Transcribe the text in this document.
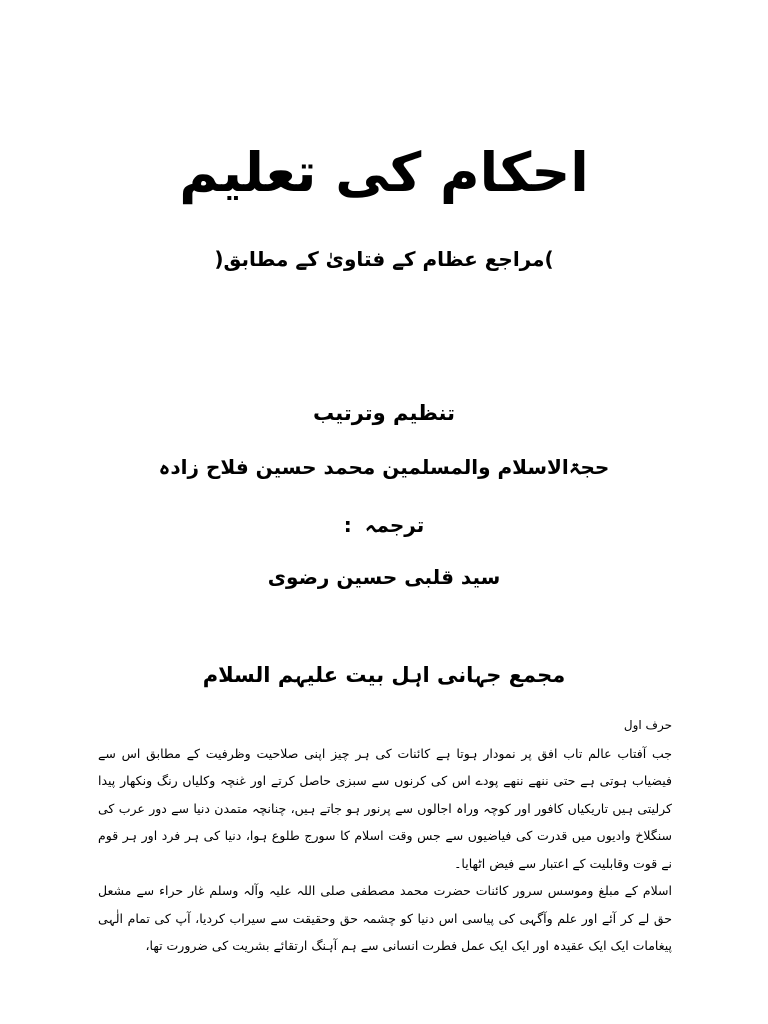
احکام کی تعلیم
)مراجع عظام کے فتاویٰ کے مطابق(
تنظیم وترتیب
حجۃالاسلام والمسلمین محمد حسین فلاح زادہ
ترجمہ :
سید قلبی حسین رضوی
مجمع جہانی اہل بیت علیہم السلام

حرف اول

جب آفتاب عالم تاب افق پر نمودار ہوتا ہے کائنات کی ہر چیز اپنی صلاحیت وظرفیت کے مطابق اس سے فیضیاب ہوتی ہے حتی ننھے ننھے پودے اس کی کرنوں سے سبزی حاصل کرتے اور غنچہ وکلیاں رنگ ونکھار پیدا کرلیتی ہیں تاریکیاں کافور اور کوچہ وراہ اجالوں سے پرنور ہو جاتے ہیں، چنانچہ متمدن دنیا سے دور عرب کی سنگلاخ وادیوں میں قدرت کی فیاضیوں سے جس وقت اسلام کا سورج طلوع ہوا، دنیا کی ہر فرد اور ہر قوم نے قوت وقابلیت کے اعتبار سے فیض اٹھایا۔

اسلام کے مبلغ وموسس سرور کائنات حضرت محمد مصطفی صلی اللہ علیہ وآلہ وسلم غار حراء سے مشعل حق لے کر آئے اور علم وآگہی کی پیاسی اس دنیا کو چشمہ حق وحقیقت سے سیراب کردیا، آپ کی تمام الٰہی پیغامات ایک ایک عقیدہ اور ایک ایک عمل فطرت انسانی سے ہم آہنگ ارتقائے بشریت کی ضرورت تھا،
